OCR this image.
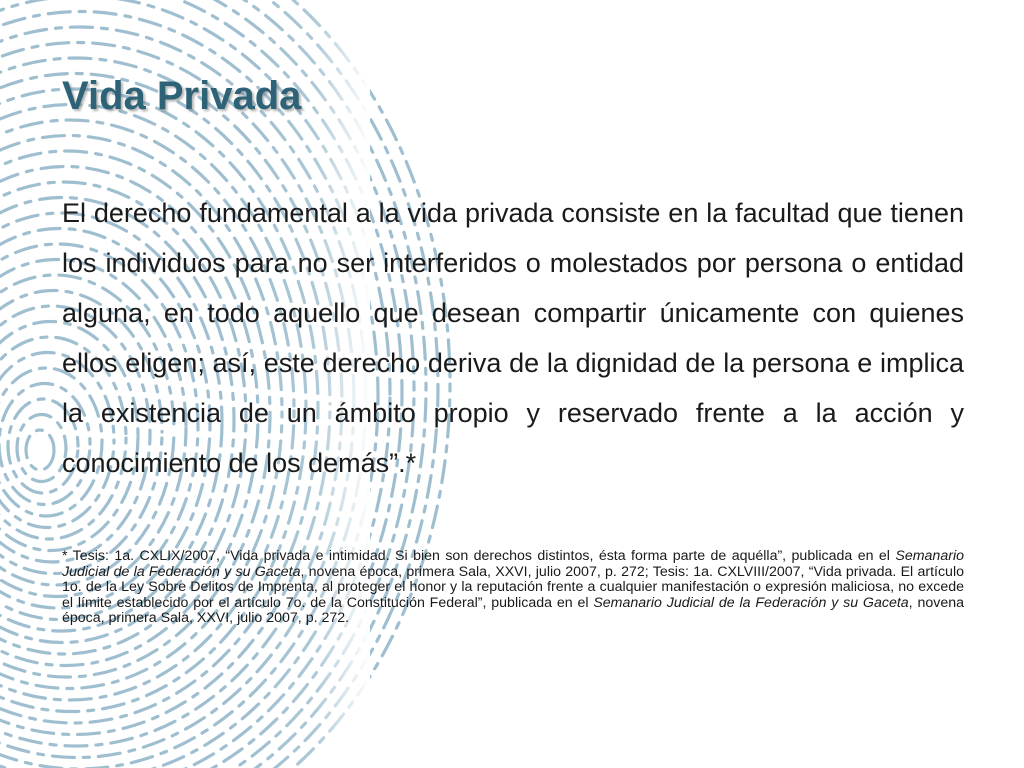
Vida Privada

El derecho fundamental a la vida privada consiste en la facultad que tienen los individuos para no ser interferidos o molestados por persona o entidad alguna, en todo aquello que desean compartir únicamente con quienes ellos eligen; así, este derecho deriva de la dignidad de la persona e implica la existencia de un ámbito propio y reservado frente a la acción y conocimiento de los demás”.*

* Tesis: 1a. CXLIX/2007, “Vida privada e intimidad. Si bien son derechos distintos, ésta forma parte de aquélla”, publicada en el Semanario Judicial de la Federación y su Gaceta, novena época, primera Sala, XXVI, julio 2007, p. 272; Tesis: 1a. CXLVIII/2007, “Vida privada. El artículo 1o. de la Ley Sobre Delitos de Imprenta, al proteger el honor y la reputación frente a cualquier manifestación o expresión maliciosa, no excede el límite establecido por el artículo 7o. de la Constitución Federal”, publicada en el Semanario Judicial de la Federación y su Gaceta, novena época, primera Sala, XXVI, julio 2007, p. 272.
